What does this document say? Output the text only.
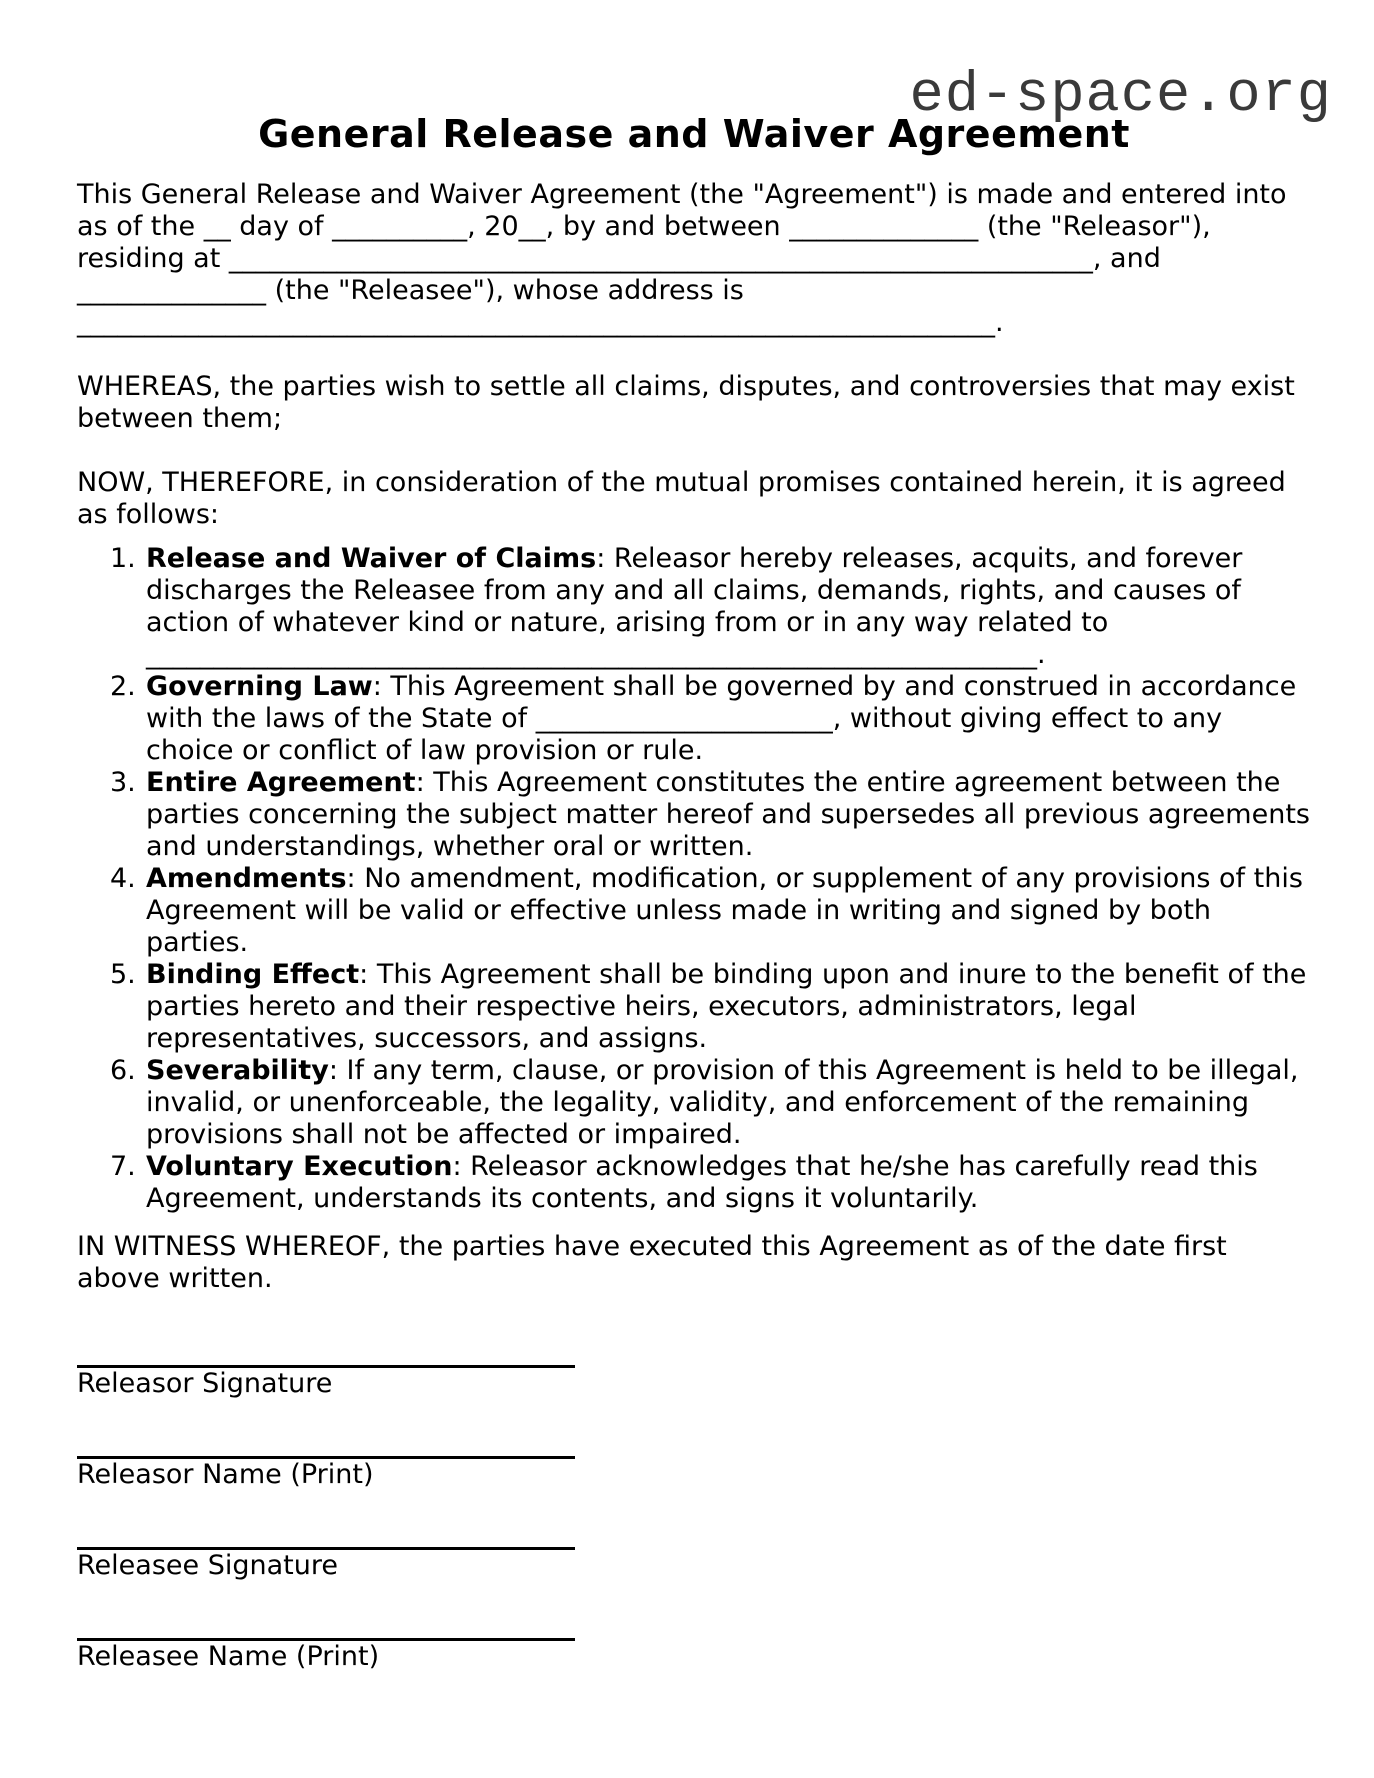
ed-space.org
General Release and Waiver Agreement

This General Release and Waiver Agreement (the "Agreement") is made and entered into as of the __ day of __________, 20__, by and between ______________ (the "Releasor"), residing at ________________________________________________________________, and ______________ (the "Releasee"), whose address is ____________________________________________________________________.

WHEREAS, the parties wish to settle all claims, disputes, and controversies that may exist between them;

NOW, THEREFORE, in consideration of the mutual promises contained herein, it is agreed as follows:

1. Release and Waiver of Claims: Releasor hereby releases, acquits, and forever discharges the Releasee from any and all claims, demands, rights, and causes of action of whatever kind or nature, arising from or in any way related to __________________________________________________________________.
2. Governing Law: This Agreement shall be governed by and construed in accordance with the laws of the State of ______________________, without giving effect to any choice or conflict of law provision or rule.
3. Entire Agreement: This Agreement constitutes the entire agreement between the parties concerning the subject matter hereof and supersedes all previous agreements and understandings, whether oral or written.
4. Amendments: No amendment, modification, or supplement of any provisions of this Agreement will be valid or effective unless made in writing and signed by both parties.
5. Binding Effect: This Agreement shall be binding upon and inure to the benefit of the parties hereto and their respective heirs, executors, administrators, legal representatives, successors, and assigns.
6. Severability: If any term, clause, or provision of this Agreement is held to be illegal, invalid, or unenforceable, the legality, validity, and enforcement of the remaining provisions shall not be affected or impaired.
7. Voluntary Execution: Releasor acknowledges that he/she has carefully read this Agreement, understands its contents, and signs it voluntarily.

IN WITNESS WHEREOF, the parties have executed this Agreement as of the date first above written.

Releasor Signature
Releasor Name (Print)
Releasee Signature
Releasee Name (Print)
